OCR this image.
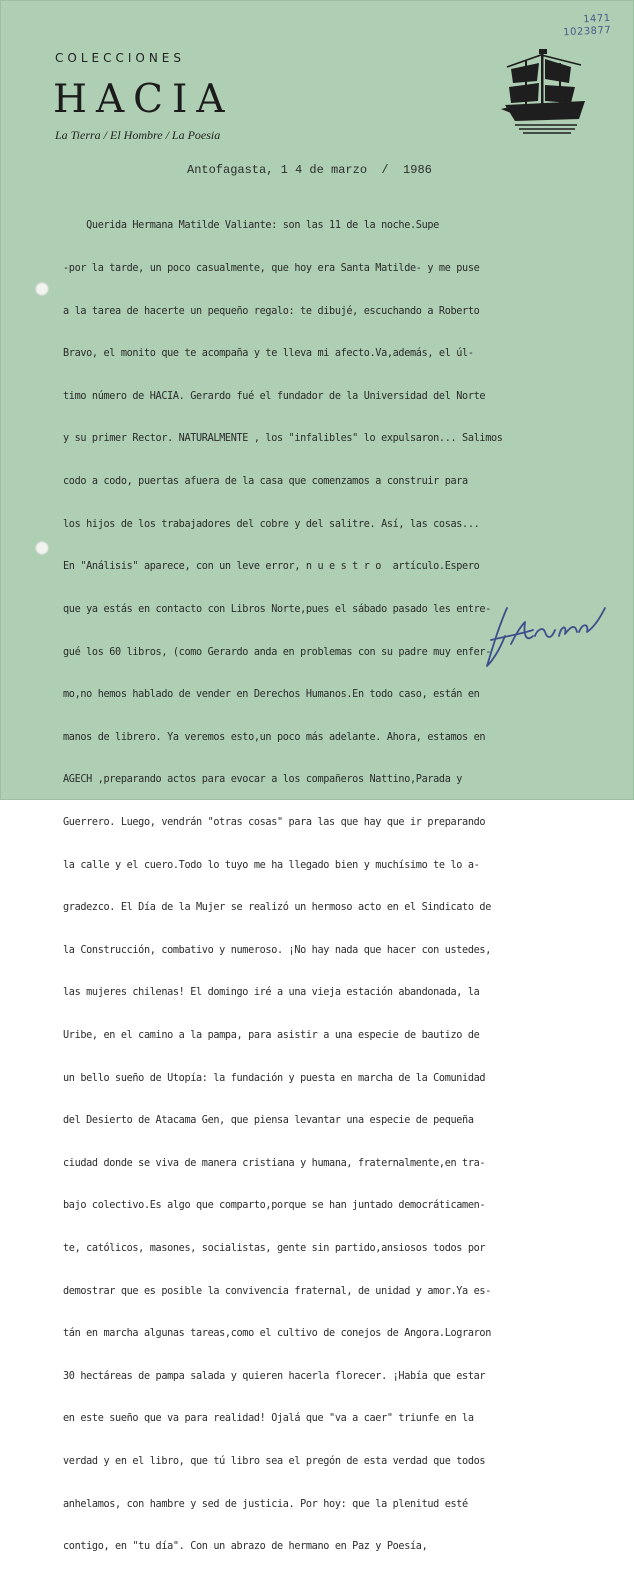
1471
1023877
COLECCIONES
HACIA
La Tierra / El Hombre / La Poesia
Antofagasta, 1 4 de marzo  /  1986

Querida Hermana Matilde Valiante: son las 11 de la noche.Supe

-por la tarde, un poco casualmente, que hoy era Santa Matilde- y me puse

a la tarea de hacerte un pequeño regalo: te dibujé, escuchando a Roberto

Bravo, el monito que te acompaña y te lleva mi afecto.Va,además, el úl-

timo número de HACIA. Gerardo fué el fundador de la Universidad del Norte

y su primer Rector. NATURALMENTE , los "infalibles" lo expulsaron... Salimos

codo a codo, puertas afuera de la casa que comenzamos a construir para

los hijos de los trabajadores del cobre y del salitre. Así, las cosas...

En "Análisis" aparece, con un leve error, n u e s t r o  artículo.Espero

que ya estás en contacto con Libros Norte,pues el sábado pasado les entre-

gué los 60 libros, (como Gerardo anda en problemas con su padre muy enfer-

mo,no hemos hablado de vender en Derechos Humanos.En todo caso, están en

manos de librero. Ya veremos esto,un poco más adelante. Ahora, estamos en

AGECH ,preparando actos para evocar a los compañeros Nattino,Parada y

Guerrero. Luego, vendrán "otras cosas" para las que hay que ir preparando

la calle y el cuero.Todo lo tuyo me ha llegado bien y muchísimo te lo a-

gradezco. El Día de la Mujer se realizó un hermoso acto en el Sindicato de

la Construcción, combativo y numeroso. ¡No hay nada que hacer con ustedes,

las mujeres chilenas! El domingo iré a una vieja estación abandonada, la

Uribe, en el camino a la pampa, para asistir a una especie de bautizo de

un bello sueño de Utopía: la fundación y puesta en marcha de la Comunidad

del Desierto de Atacama Gen, que piensa levantar una especie de pequeña

ciudad donde se viva de manera cristiana y humana, fraternalmente,en tra-

bajo colectivo.Es algo que comparto,porque se han juntado democráticamen-

te, católicos, masones, socialistas, gente sin partido,ansiosos todos por

demostrar que es posible la convivencia fraternal, de unidad y amor.Ya es-

tán en marcha algunas tareas,como el cultivo de conejos de Angora.Lograron

30 hectáreas de pampa salada y quieren hacerla florecer. ¡Había que estar

en este sueño que va para realidad! Ojalá que "va a caer" triunfe en la

verdad y en el libro, que tú libro sea el pregón de esta verdad que todos

anhelamos, con hambre y sed de justicia. Por hoy: que la plenitud esté

contigo, en "tu día". Con un abrazo de hermano en Paz y Poesía,
